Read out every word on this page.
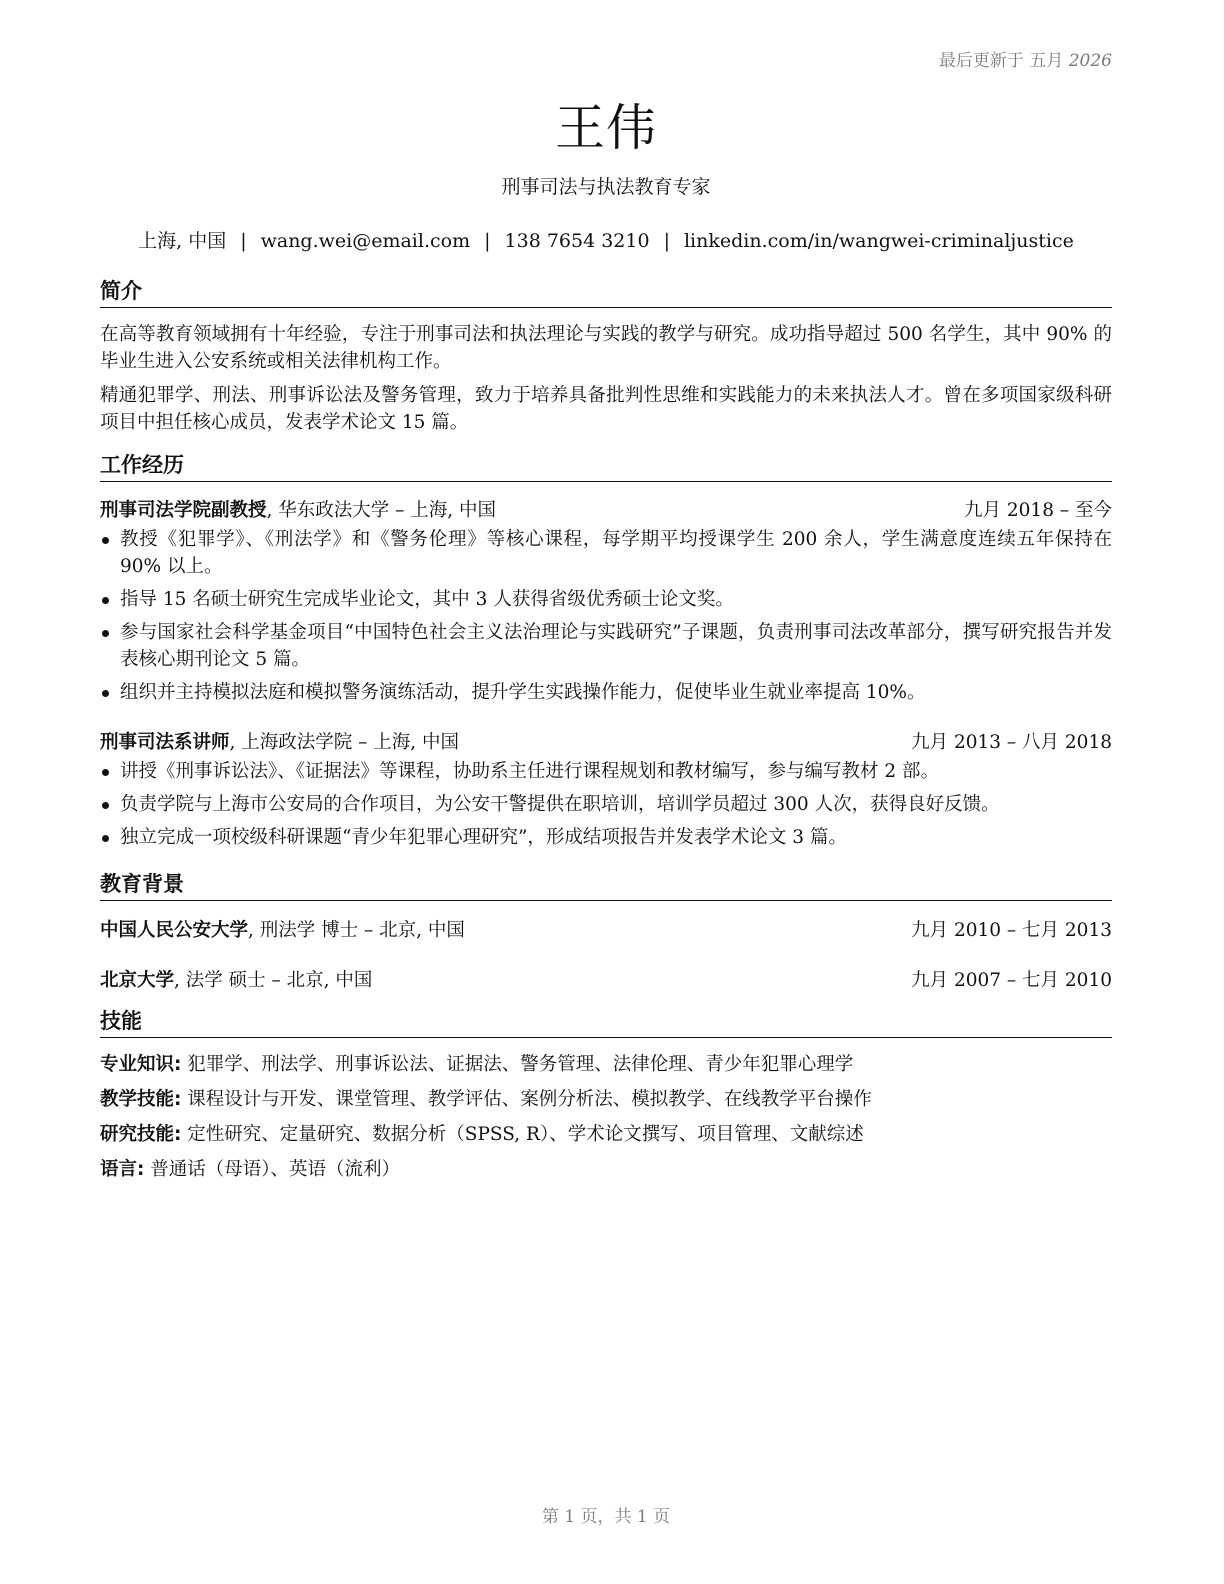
最后更新于 五月 2026
王伟
刑事司法与执法教育专家
上海, 中国 | wang.wei@email.com | 138 7654 3210 | linkedin.com/in/wangwei-criminaljustice
简介
在高等教育领域拥有十年经验，专注于刑事司法和执法理论与实践的教学与研究。成功指导超过 500 名学生，其中 90% 的毕业生进入公安系统或相关法律机构工作。
精通犯罪学、刑法、刑事诉讼法及警务管理，致力于培养具备批判性思维和实践能力的未来执法人才。曾在多项国家级科研项目中担任核心成员，发表学术论文 15 篇。
工作经历
刑事司法学院副教授, 华东政法大学 – 上海, 中国	九月 2018 – 至今
教授《犯罪学》、《刑法学》和《警务伦理》等核心课程，每学期平均授课学生 200 余人，学生满意度连续五年保持在 90% 以上。
指导 15 名硕士研究生完成毕业论文，其中 3 人获得省级优秀硕士论文奖。
参与国家社会科学基金项目“中国特色社会主义法治理论与实践研究”子课题，负责刑事司法改革部分，撰写研究报告并发表核心期刊论文 5 篇。
组织并主持模拟法庭和模拟警务演练活动，提升学生实践操作能力，促使毕业生就业率提高 10%。
刑事司法系讲师, 上海政法学院 – 上海, 中国	九月 2013 – 八月 2018
讲授《刑事诉讼法》、《证据法》等课程，协助系主任进行课程规划和教材编写，参与编写教材 2 部。
负责学院与上海市公安局的合作项目，为公安干警提供在职培训，培训学员超过 300 人次，获得良好反馈。
独立完成一项校级科研课题“青少年犯罪心理研究”，形成结项报告并发表学术论文 3 篇。
教育背景
中国人民公安大学, 刑法学 博士 – 北京, 中国	九月 2010 – 七月 2013
北京大学, 法学 硕士 – 北京, 中国	九月 2007 – 七月 2010
技能
专业知识: 犯罪学、刑法学、刑事诉讼法、证据法、警务管理、法律伦理、青少年犯罪心理学
教学技能: 课程设计与开发、课堂管理、教学评估、案例分析法、模拟教学、在线教学平台操作
研究技能: 定性研究、定量研究、数据分析（SPSS, R）、学术论文撰写、项目管理、文献综述
语言: 普通话（母语）、英语（流利）
第 1 页，共 1 页
